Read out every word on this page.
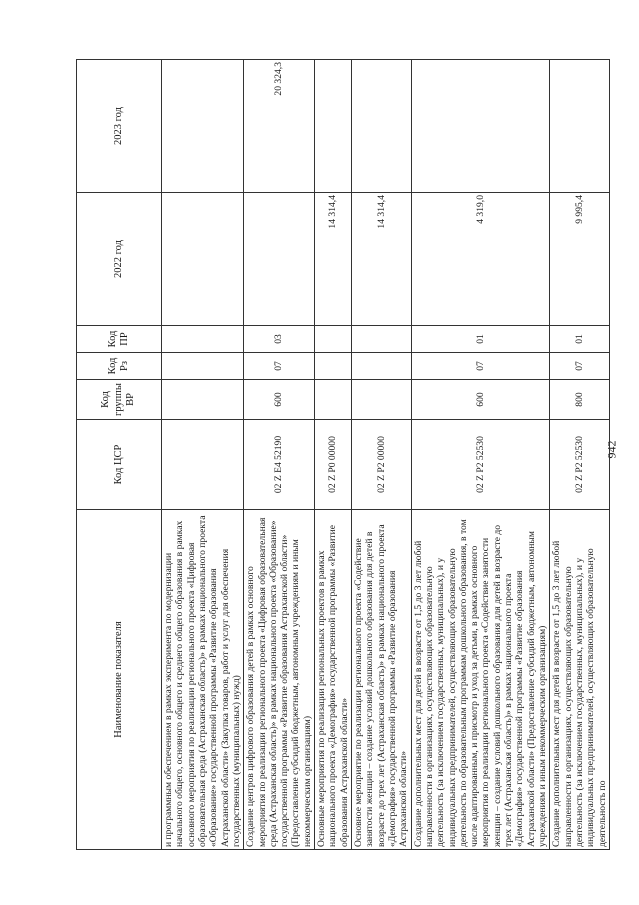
942
Наименование показателя	Код ЦСР	Код группы ВР	Код Рз	Код ПР	2022 год	2023 год
и программным обеспечением в рамках эксперимента по модернизации начального общего, основного общего и среднего общего образования в рамках основного мероприятия по реализации регионального проекта «Цифровая образовательная среда (Астраханская область)» в рамках национального проекта «Образование» государственной программы «Развитие образования Астраханской области» (Закупка товаров, работ и услуг для обеспечения государственных (муниципальных) нужд)						
Создание центров цифрового образования детей в рамках основного мероприятия по реализации регионального проекта «Цифровая образовательная среда (Астраханская область)» в рамках национального проекта «Образование» государственной программы «Развитие образования Астраханской области» (Предоставление субсидий бюджетным, автономным учреждениям и иным некоммерческим организациям)	02 Z E4 52190	600	07	03		20 324,3
Основные мероприятия по реализации региональных проектов в рамках национального проекта «Демография» государственной программы «Развитие образования Астраханской области»	02 Z P0 00000				14 314,4	
Основное мероприятие по реализации регионального проекта «Содействие занятости женщин – создание условий дошкольного образования для детей в возрасте до трех лет (Астраханская область)» в рамках национального проекта «Демография» государственной программы «Развитие образования Астраханской области»	02 Z P2 00000				14 314,4	
Создание дополнительных мест для детей в возрасте от 1,5 до 3 лет любой направленности в организациях, осуществляющих образовательную деятельность (за исключением государственных, муниципальных), и у индивидуальных предпринимателей, осуществляющих образовательную деятельность по образовательным программам дошкольного образования, в том числе адаптированным, и присмотр и уход за детьми, в рамках основного мероприятия по реализации регионального проекта «Содействие занятости женщин – создание условий дошкольного образования для детей в возрасте до трех лет (Астраханская область)» в рамках национального проекта «Демография» государственной программы «Развитие образования Астраханской области» (Предоставление субсидий бюджетным, автономным учреждениям и иным некоммерческим организациям)	02 Z P2 52530	600	07	01	4 319,0	
Создание дополнительных мест для детей в возрасте от 1,5 до 3 лет любой направленности в организациях, осуществляющих образовательную деятельность (за исключением государственных, муниципальных), и у индивидуальных предпринимателей, осуществляющих образовательную деятельность по	02 Z P2 52530	800	07	01	9 995,4	
